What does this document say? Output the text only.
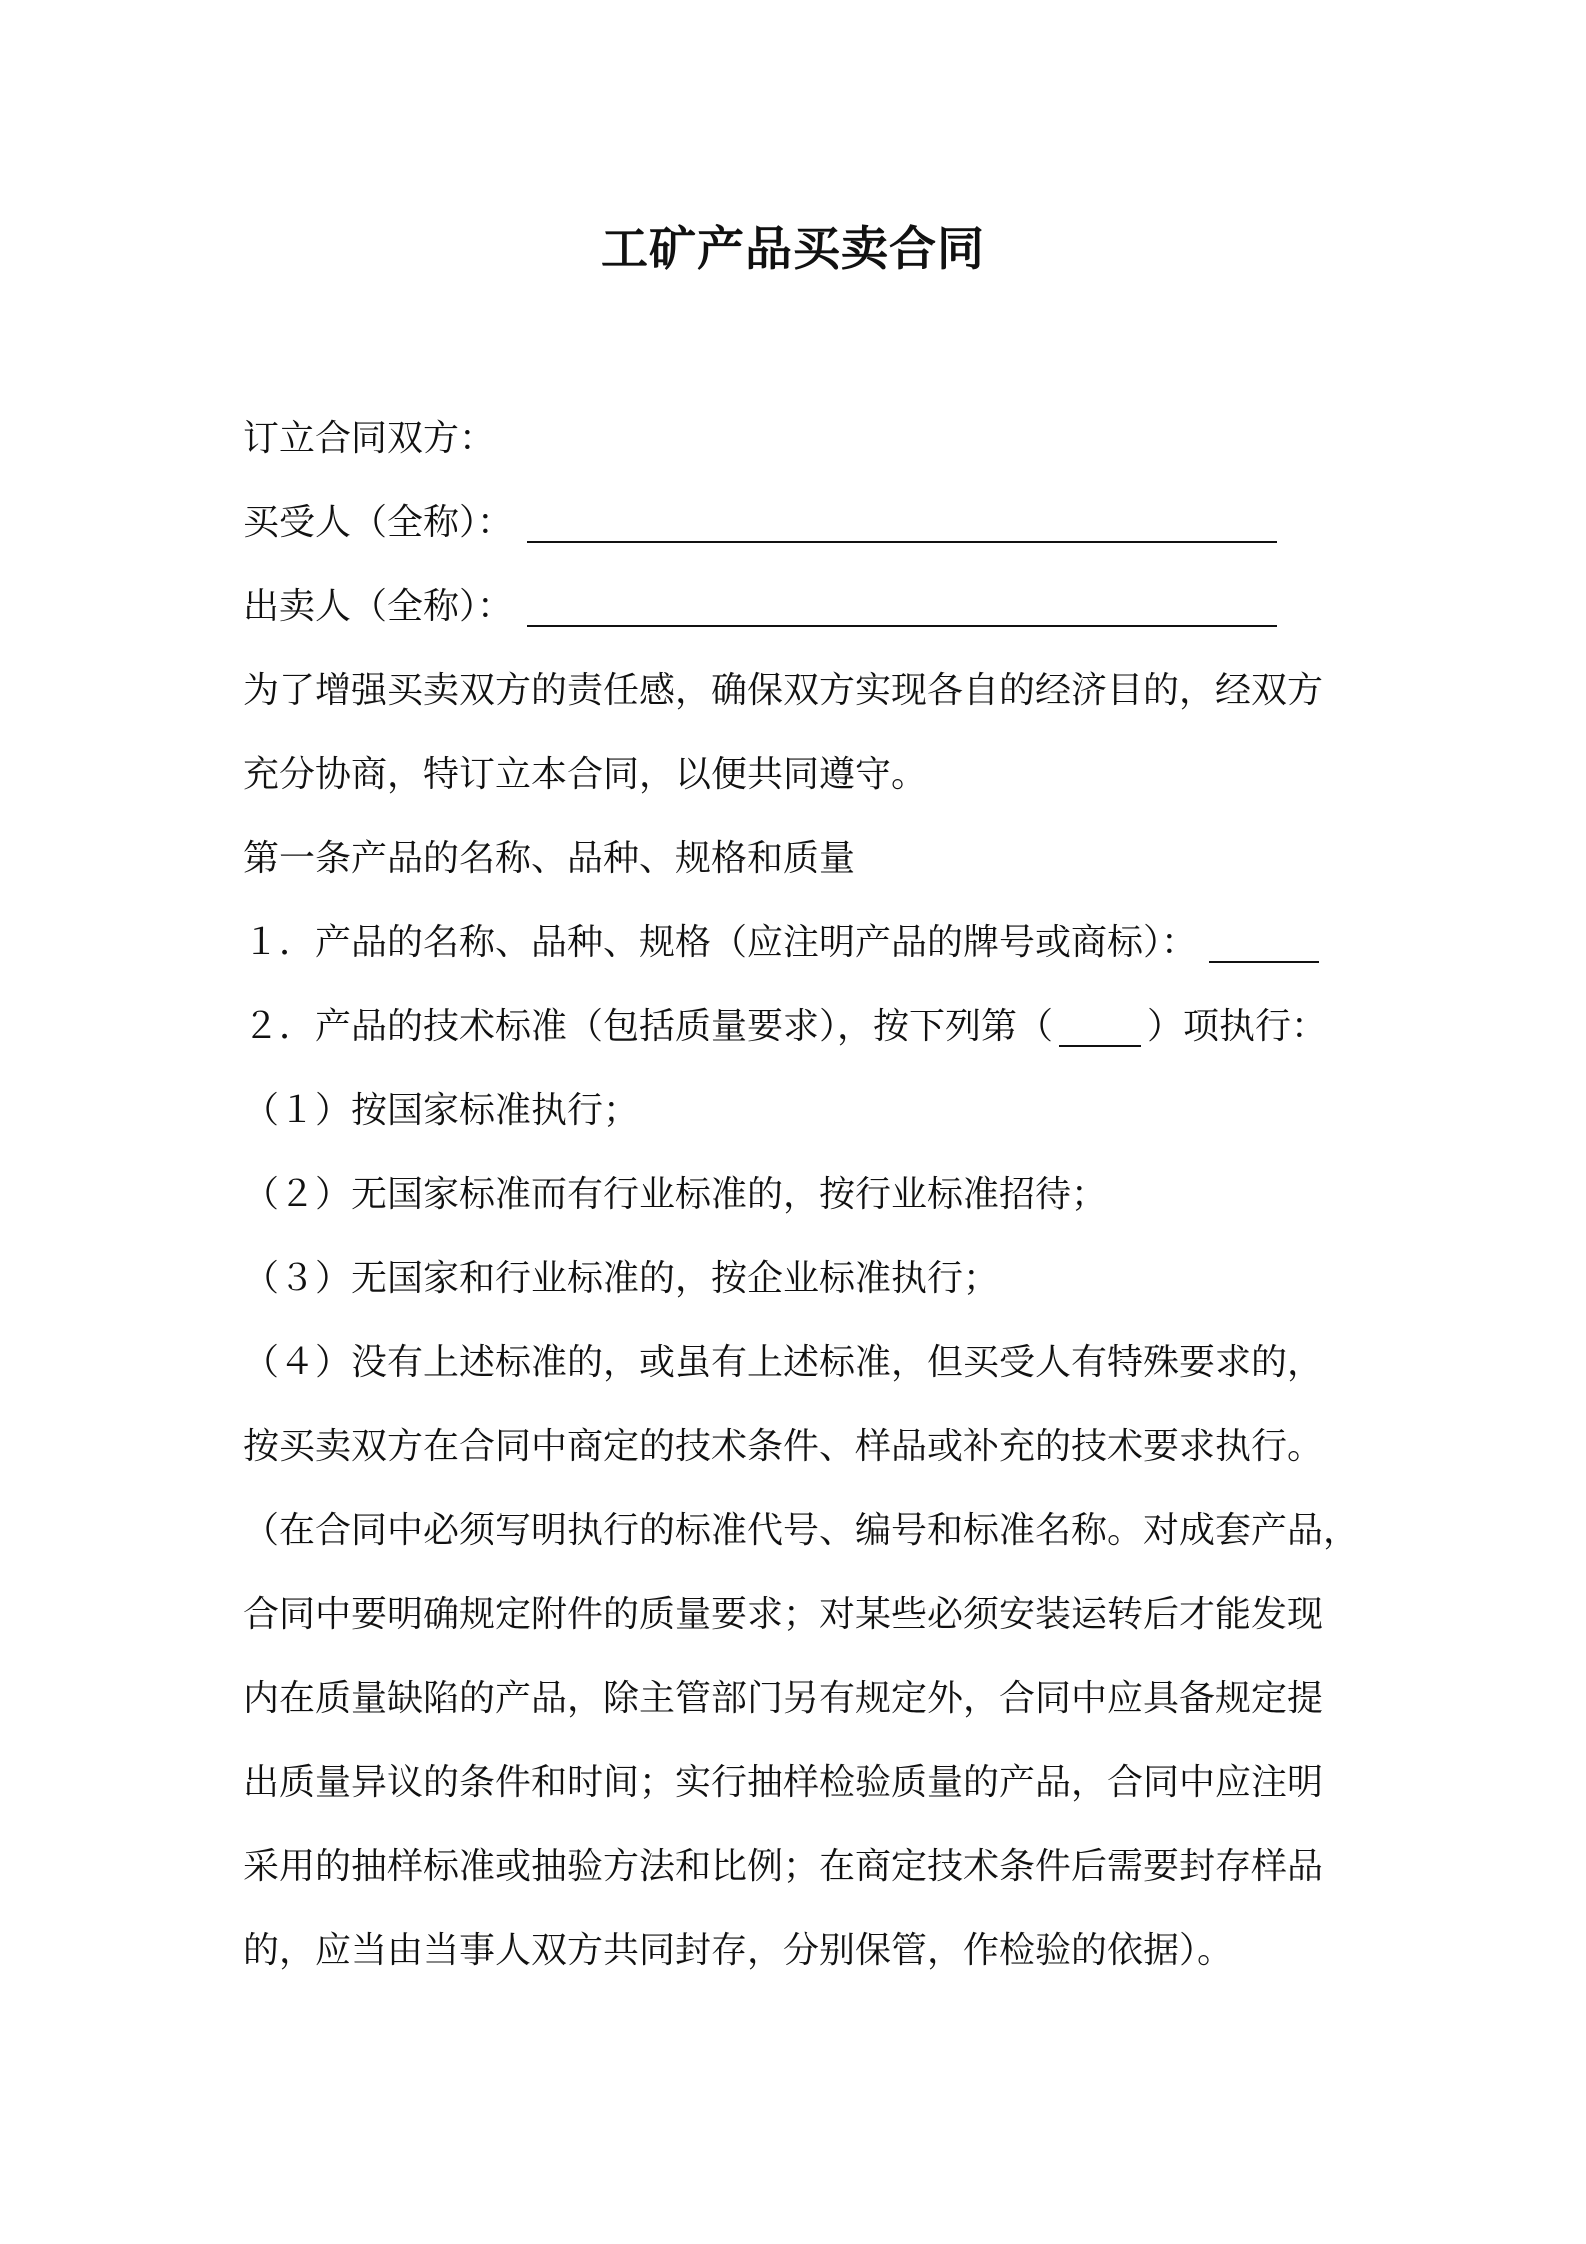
工矿产品买卖合同
订立合同双方：
买受人（全称）：
出卖人（全称）：
为了增强买卖双方的责任感，确保双方实现各自的经济目的，经双方
充分协商，特订立本合同，以便共同遵守。
第一条产品的名称、品种、规格和质量
１．产品的名称、品种、规格（应注明产品的牌号或商标）：
２．产品的技术标准（包括质量要求），按下列第（	）项执行：
（１）按国家标准执行；
（２）无国家标准而有行业标准的，按行业标准招待；
（３）无国家和行业标准的，按企业标准执行；
（４）没有上述标准的，或虽有上述标准，但买受人有特殊要求的，
按买卖双方在合同中商定的技术条件、样品或补充的技术要求执行。
（在合同中必须写明执行的标准代号、编号和标准名称。对成套产品，
合同中要明确规定附件的质量要求；对某些必须安装运转后才能发现
内在质量缺陷的产品，除主管部门另有规定外，合同中应具备规定提
出质量异议的条件和时间；实行抽样检验质量的产品，合同中应注明
采用的抽样标准或抽验方法和比例；在商定技术条件后需要封存样品
的，应当由当事人双方共同封存，分别保管，作检验的依据）。
